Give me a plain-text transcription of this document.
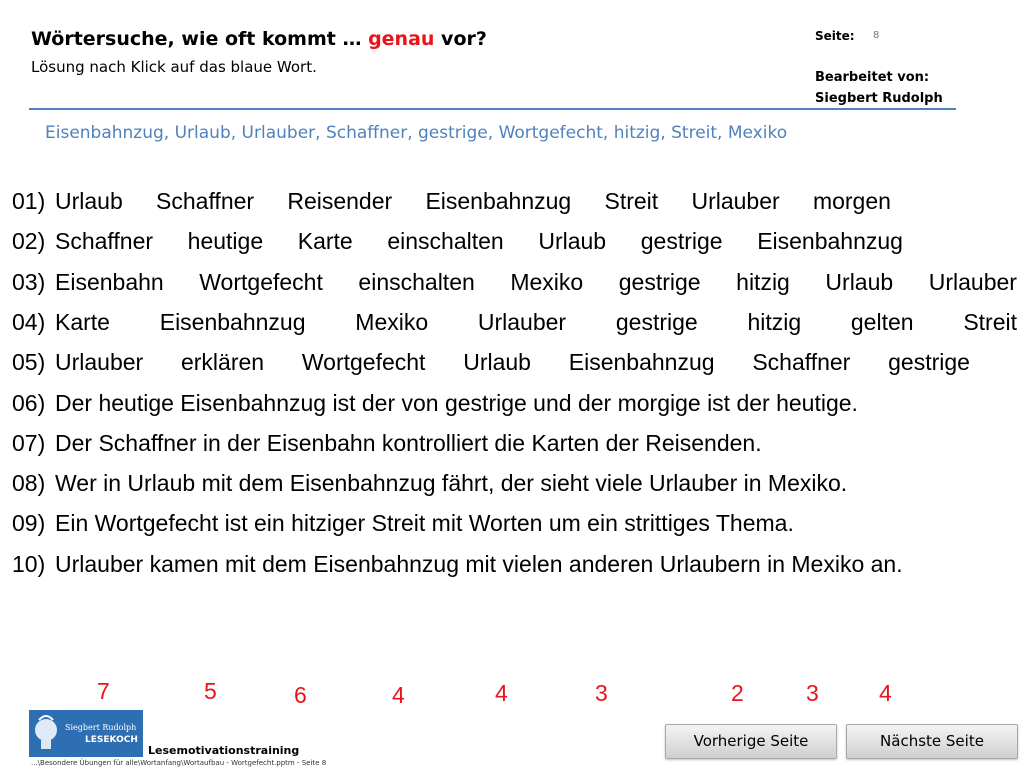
Wörtersuche, wie oft kommt … genau vor?
Lösung nach Klick auf das blaue Wort.
Seite: 8
Bearbeitet von:
Siegbert Rudolph
Eisenbahnzug, Urlaub, Urlauber, Schaffner, gestrige, Wortgefecht, hitzig, Streit, Mexiko
01) Urlaub Schaffner Reisender Eisenbahnzug Streit Urlauber morgen
02) Schaffner heutige Karte einschalten Urlaub gestrige Eisenbahnzug
03) Eisenbahn Wortgefecht einschalten Mexiko gestrige hitzig Urlaub Urlauber
04) Karte Eisenbahnzug Mexiko Urlauber gestrige hitzig gelten Streit
05) Urlauber erklären Wortgefecht Urlaub Eisenbahnzug Schaffner gestrige
06) Der heutige Eisenbahnzug ist der von gestrige und der morgige ist der heutige.
07) Der Schaffner in der Eisenbahn kontrolliert die Karten der Reisenden.
08) Wer in Urlaub mit dem Eisenbahnzug fährt, der sieht viele Urlauber in Mexiko.
09) Ein Wortgefecht ist ein hitziger Streit mit Worten um ein strittiges Thema.
10) Urlauber kamen mit dem Eisenbahnzug mit vielen anderen Urlaubern in Mexiko an.
7	5	6	4	4	3	2	3	4
Siegbert Rudolph
LESEKOCH
Lesemotivationstraining
...\Besondere Übungen für alle\Wortanfang\Wortaufbau - Wortgefecht.pptm - Seite 8
Vorherige Seite	Nächste Seite
